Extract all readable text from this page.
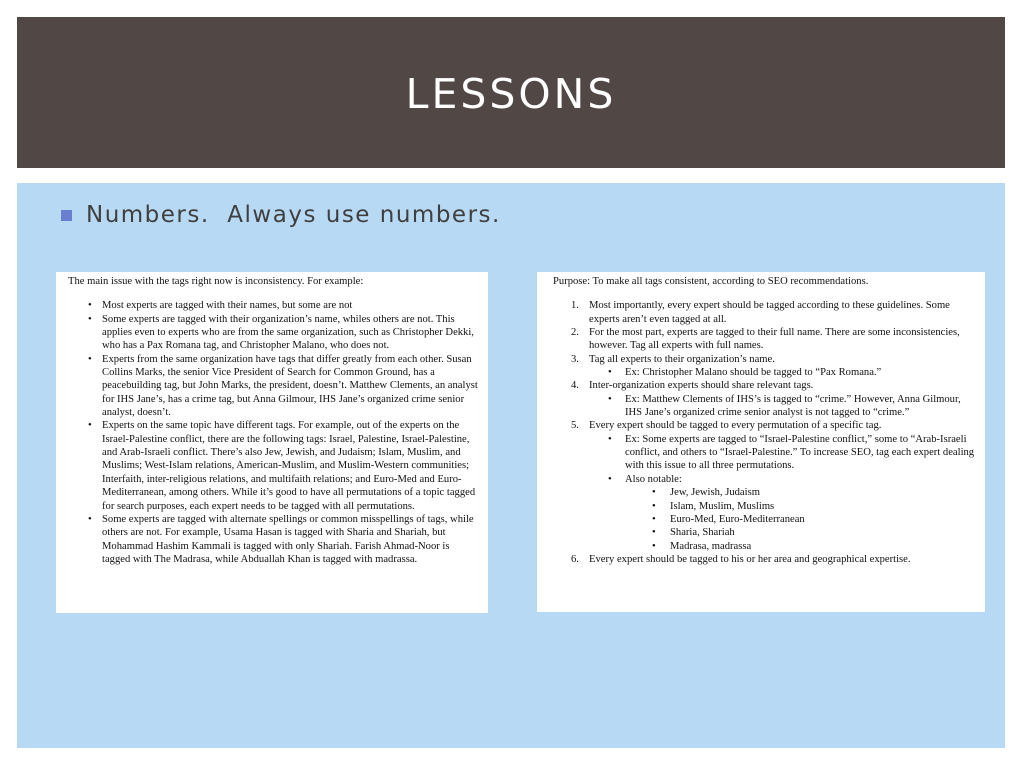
LESSONS
Numbers.  Always use numbers.

The main issue with the tags right now is inconsistency. For example:

• Most experts are tagged with their names, but some are not
• Some experts are tagged with their organization’s name, whiles others are not. This applies even to experts who are from the same organization, such as Christopher Dekki, who has a Pax Romana tag, and Christopher Malano, who does not.
• Experts from the same organization have tags that differ greatly from each other. Susan Collins Marks, the senior Vice President of Search for Common Ground, has a peacebuilding tag, but John Marks, the president, doesn’t. Matthew Clements, an analyst for IHS Jane’s, has a crime tag, but Anna Gilmour, IHS Jane’s organized crime senior analyst, doesn’t.
• Experts on the same topic have different tags. For example, out of the experts on the Israel-Palestine conflict, there are the following tags: Israel, Palestine, Israel-Palestine, and Arab-Israeli conflict. There’s also Jew, Jewish, and Judaism; Islam, Muslim, and Muslims; West-Islam relations, American-Muslim, and Muslim-Western communities; Interfaith, inter-religious relations, and multifaith relations; and Euro-Med and Euro-Mediterranean, among others. While it’s good to have all permutations of a topic tagged for search purposes, each expert needs to be tagged with all permutations.
• Some experts are tagged with alternate spellings or common misspellings of tags, while others are not. For example, Usama Hasan is tagged with Sharia and Shariah, but Mohammad Hashim Kammali is tagged with only Shariah. Farish Ahmad-Noor is tagged with The Madrasa, while Abduallah Khan is tagged with madrassa.

Purpose: To make all tags consistent, according to SEO recommendations.

1. Most importantly, every expert should be tagged according to these guidelines. Some experts aren’t even tagged at all.
2. For the most part, experts are tagged to their full name. There are some inconsistencies, however. Tag all experts with full names.
3. Tag all experts to their organization’s name.
• Ex: Christopher Malano should be tagged to “Pax Romana.”
4. Inter-organization experts should share relevant tags.
• Ex: Matthew Clements of IHS’s is tagged to “crime.” However, Anna Gilmour, IHS Jane’s organized crime senior analyst is not tagged to “crime.”
5. Every expert should be tagged to every permutation of a specific tag.
• Ex: Some experts are tagged to “Israel-Palestine conflict,” some to “Arab-Israeli conflict, and others to “Israel-Palestine.” To increase SEO, tag each expert dealing with this issue to all three permutations.
• Also notable:
• Jew, Jewish, Judaism
• Islam, Muslim, Muslims
• Euro-Med, Euro-Mediterranean
• Sharia, Shariah
• Madrasa, madrassa
6. Every expert should be tagged to his or her area and geographical expertise.
